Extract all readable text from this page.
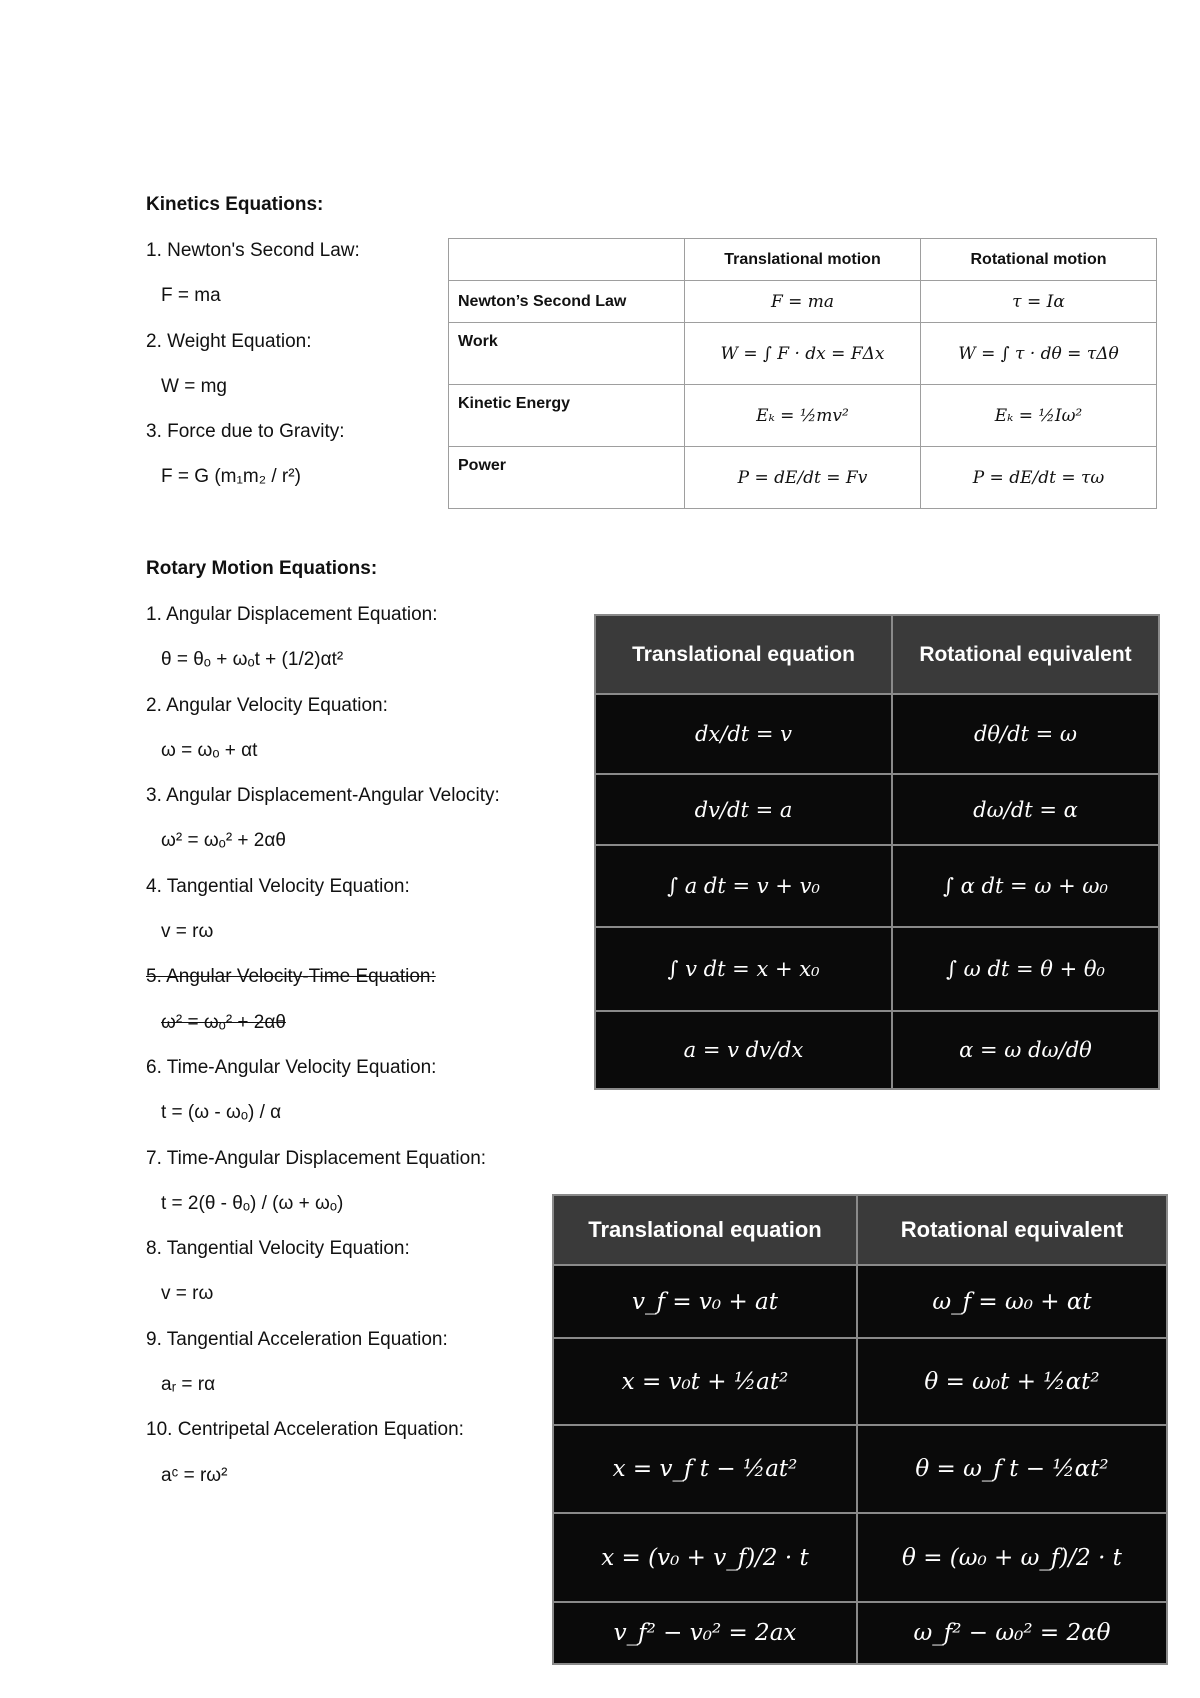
Kinetics Equations:
1. Newton's Second Law:
F = ma
2. Weight Equation:
W = mg
3. Force due to Gravity:
F = G (m₁m₂ / r²)
Rotary Motion Equations:
1. Angular Displacement Equation:
θ = θₒ + ωₒt + (1/2)αt²
2. Angular Velocity Equation:
ω = ωₒ + αt
3. Angular Displacement-Angular Velocity:
ω² = ωₒ² + 2αθ
4. Tangential Velocity Equation:
v = rω
5. Angular Velocity-Time Equation:
ω² = ωₒ² + 2αθ
6. Time-Angular Velocity Equation:
t = (ω - ωₒ) / α
7. Time-Angular Displacement Equation:
t = 2(θ - θₒ) / (ω + ωₒ)
8. Tangential Velocity Equation:
v = rω
9. Tangential Acceleration Equation:
aᵣ = rα
10. Centripetal Acceleration Equation:
aᶜ = rω²
	Translational motion	Rotational motion
Newton’s Second Law	F = ma	τ = Iα
Work	W = ∫ F · dx = FΔx	W = ∫ τ · dθ = τΔθ
Kinetic Energy	Eₖ = ½mv²	Eₖ = ½Iω²
Power	P = dE/dt = Fv	P = dE/dt = τω
Translational equation	Rotational equivalent
dx/dt = v	dθ/dt = ω
dv/dt = a	dω/dt = α
∫ a dt = v + v₀	∫ α dt = ω + ω₀
∫ v dt = x + x₀	∫ ω dt = θ + θ₀
a = v dv/dx	α = ω dω/dθ
Translational equation	Rotational equivalent
v_f = v₀ + at	ω_f = ω₀ + αt
x = v₀t + ½at²	θ = ω₀t + ½αt²
x = v_f t − ½at²	θ = ω_f t − ½αt²
x = (v₀ + v_f)/2 · t	θ = (ω₀ + ω_f)/2 · t
v_f² − v₀² = 2ax	ω_f² − ω₀² = 2αθ
